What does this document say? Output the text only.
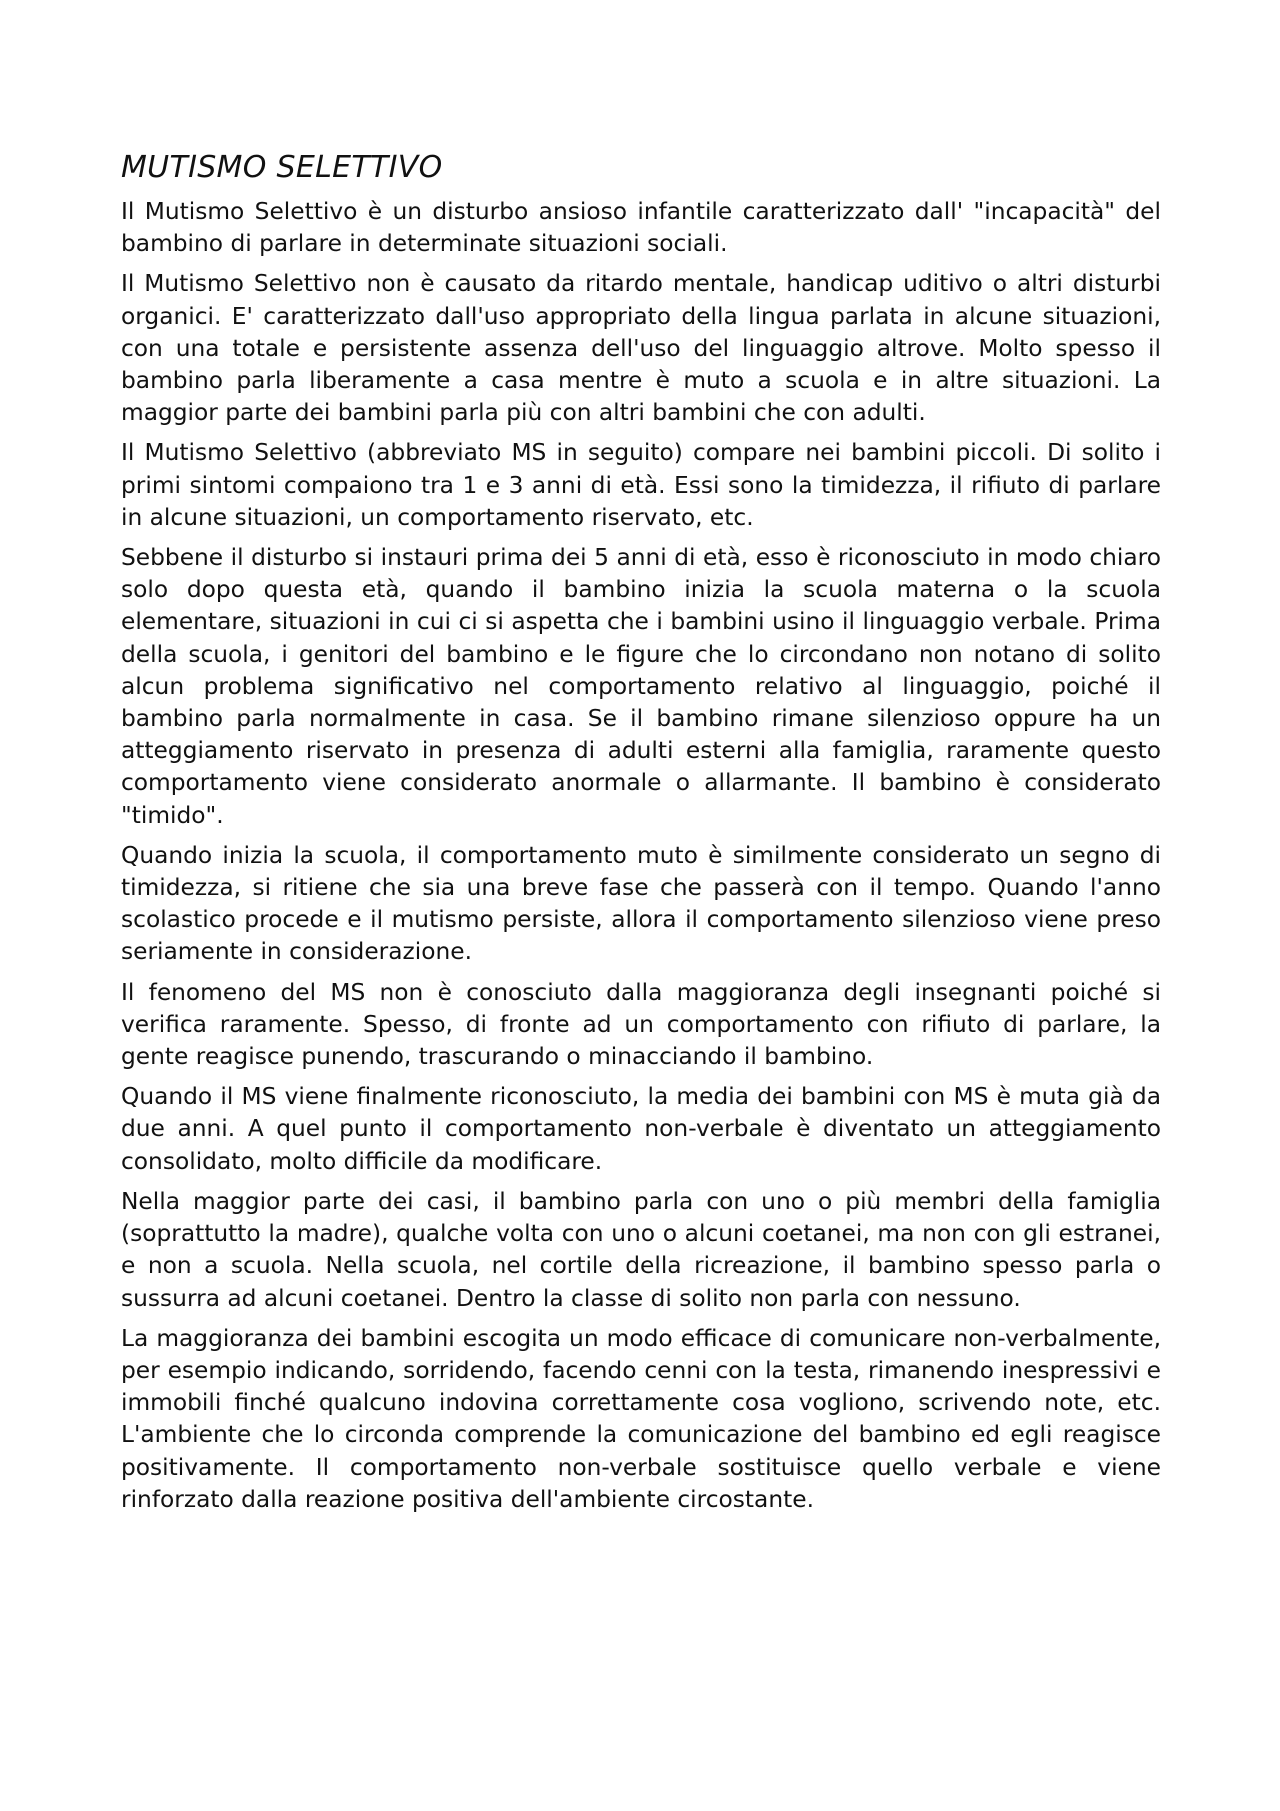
MUTISMO SELETTIVO

Il Mutismo Selettivo è un disturbo ansioso infantile caratterizzato dall' "incapacità" del bambino di parlare in determinate situazioni sociali.

Il Mutismo Selettivo non è causato da ritardo mentale, handicap uditivo o altri disturbi organici. E' caratterizzato dall'uso appropriato della lingua parlata in alcune situazioni, con una totale e persistente assenza dell'uso del linguaggio altrove. Molto spesso il bambino parla liberamente a casa mentre è muto a scuola e in altre situazioni. La maggior parte dei bambini parla più con altri bambini che con adulti.

Il Mutismo Selettivo (abbreviato MS in seguito) compare nei bambini piccoli. Di solito i primi sintomi compaiono tra 1 e 3 anni di età. Essi sono la timidezza, il rifiuto di parlare in alcune situazioni, un comportamento riservato, etc.

Sebbene il disturbo si instauri prima dei 5 anni di età, esso è riconosciuto in modo chiaro solo dopo questa età, quando il bambino inizia la scuola materna o la scuola elementare, situazioni in cui ci si aspetta che i bambini usino il linguaggio verbale. Prima della scuola, i genitori del bambino e le figure che lo circondano non notano di solito alcun problema significativo nel comportamento relativo al linguaggio, poiché il bambino parla normalmente in casa. Se il bambino rimane silenzioso oppure ha un atteggiamento riservato in presenza di adulti esterni alla famiglia, raramente questo comportamento viene considerato anormale o allarmante. Il bambino è considerato "timido".

Quando inizia la scuola, il comportamento muto è similmente considerato un segno di timidezza, si ritiene che sia una breve fase che passerà con il tempo. Quando l'anno scolastico procede e il mutismo persiste, allora il comportamento silenzioso viene preso seriamente in considerazione.

Il fenomeno del MS non è conosciuto dalla maggioranza degli insegnanti poiché si verifica raramente. Spesso, di fronte ad un comportamento con rifiuto di parlare, la gente reagisce punendo, trascurando o minacciando il bambino.

Quando il MS viene finalmente riconosciuto, la media dei bambini con MS è muta già da due anni. A quel punto il comportamento non-verbale è diventato un atteggiamento consolidato, molto difficile da modificare.

Nella maggior parte dei casi, il bambino parla con uno o più membri della famiglia (soprattutto la madre), qualche volta con uno o alcuni coetanei, ma non con gli estranei, e non a scuola. Nella scuola, nel cortile della ricreazione, il bambino spesso parla o sussurra ad alcuni coetanei. Dentro la classe di solito non parla con nessuno.

La maggioranza dei bambini escogita un modo efficace di comunicare non-verbalmente, per esempio indicando, sorridendo, facendo cenni con la testa, rimanendo inespressivi e immobili finché qualcuno indovina correttamente cosa vogliono, scrivendo note, etc. L'ambiente che lo circonda comprende la comunicazione del bambino ed egli reagisce positivamente. Il comportamento non-verbale sostituisce quello verbale e viene rinforzato dalla reazione positiva dell'ambiente circostante.
